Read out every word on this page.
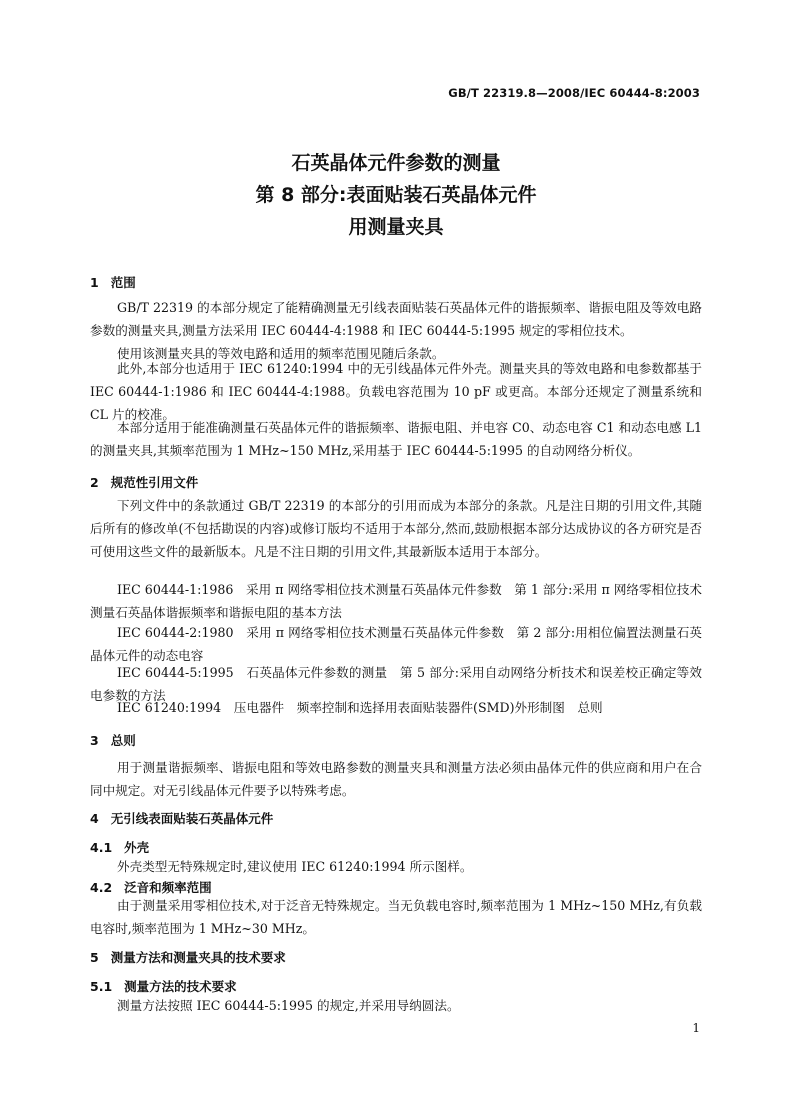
GB/T 22319.8—2008/IEC 60444-8:2003
石英晶体元件参数的测量
第 8 部分:表面贴装石英晶体元件
用测量夹具
1 范围
GB/T 22319 的本部分规定了能精确测量无引线表面贴装石英晶体元件的谐振频率、谐振电阻及等效电路参数的测量夹具,测量方法采用 IEC 60444-4:1988 和 IEC 60444-5:1995 规定的零相位技术。
使用该测量夹具的等效电路和适用的频率范围见随后条款。
此外,本部分也适用于 IEC 61240:1994 中的无引线晶体元件外壳。测量夹具的等效电路和电参数都基于 IEC 60444-1:1986 和 IEC 60444-4:1988。负载电容范围为 10 pF 或更高。本部分还规定了测量系统和 CL 片的校准。
本部分适用于能准确测量石英晶体元件的谐振频率、谐振电阻、并电容 C0、动态电容 C1 和动态电感 L1 的测量夹具,其频率范围为 1 MHz~150 MHz,采用基于 IEC 60444-5:1995 的自动网络分析仪。
2 规范性引用文件
下列文件中的条款通过 GB/T 22319 的本部分的引用而成为本部分的条款。凡是注日期的引用文件,其随后所有的修改单(不包括勘误的内容)或修订版均不适用于本部分,然而,鼓励根据本部分达成协议的各方研究是否可使用这些文件的最新版本。凡是不注日期的引用文件,其最新版本适用于本部分。
IEC 60444-1:1986　采用 π 网络零相位技术测量石英晶体元件参数　第 1 部分:采用 π 网络零相位技术测量石英晶体谐振频率和谐振电阻的基本方法
IEC 60444-2:1980　采用 π 网络零相位技术测量石英晶体元件参数　第 2 部分:用相位偏置法测量石英晶体元件的动态电容
IEC 60444-5:1995　石英晶体元件参数的测量　第 5 部分:采用自动网络分析技术和误差校正确定等效电参数的方法
IEC 61240:1994　压电器件　频率控制和选择用表面贴装器件(SMD)外形制图　总则
3 总则
用于测量谐振频率、谐振电阻和等效电路参数的测量夹具和测量方法必须由晶体元件的供应商和用户在合同中规定。对无引线晶体元件要予以特殊考虑。
4 无引线表面贴装石英晶体元件
4.1 外壳
外壳类型无特殊规定时,建议使用 IEC 61240:1994 所示图样。
4.2 泛音和频率范围
由于测量采用零相位技术,对于泛音无特殊规定。当无负载电容时,频率范围为 1 MHz~150 MHz,有负载电容时,频率范围为 1 MHz~30 MHz。
5 测量方法和测量夹具的技术要求
5.1 测量方法的技术要求
测量方法按照 IEC 60444-5:1995 的规定,并采用导纳圆法。
1
